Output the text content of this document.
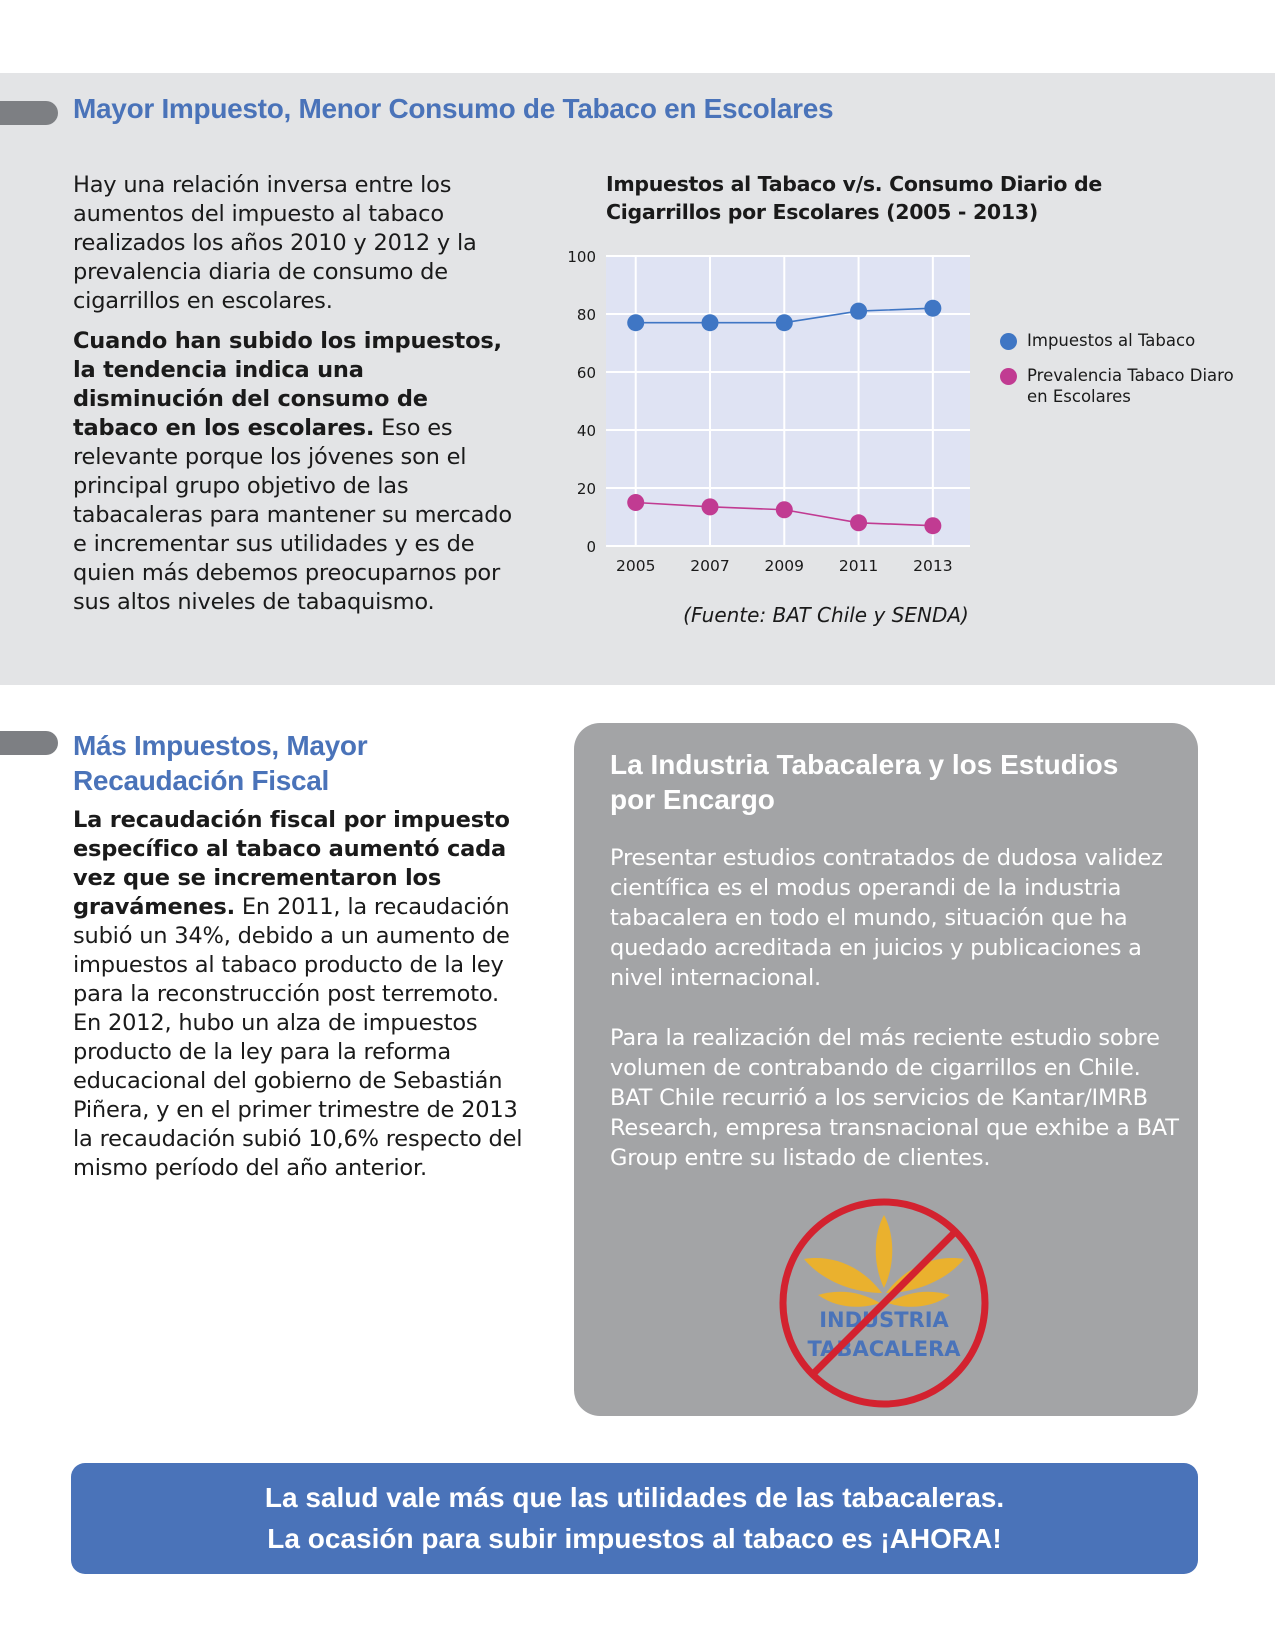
Mayor Impuesto, Menor Consumo de Tabaco en Escolares

Hay una relación inversa entre los aumentos del impuesto al tabaco realizados los años 2010 y 2012 y la prevalencia diaria de consumo de cigarrillos en escolares.

Cuando han subido los impuestos, la tendencia indica una disminución del consumo de tabaco en los escolares. Eso es relevante porque los jóvenes son el principal grupo objetivo de las tabacaleras para mantener su mercado e incrementar sus utilidades y es de quien más debemos preocuparnos por sus altos niveles de tabaquismo.

Impuestos al Tabaco v/s. Consumo Diario de Cigarrillos por Escolares (2005 - 2013)
0
20
40
60
80
100
2005 2007 2009 2011 2013
Impuestos al Tabaco
Prevalencia Tabaco Diaro en Escolares
(Fuente: BAT Chile y SENDA)
Más Impuestos, Mayor Recaudación Fiscal

La recaudación fiscal por impuesto específico al tabaco aumentó cada vez que se incrementaron los gravámenes. En 2011, la recaudación subió un 34%, debido a un aumento de impuestos al tabaco producto de la ley para la reconstrucción post terremoto. En 2012, hubo un alza de impuestos producto de la ley para la reforma educacional del gobierno de Sebastián Piñera, y en el primer trimestre de 2013 la recaudación subió 10,6% respecto del mismo período del año anterior.

La Industria Tabacalera y los Estudios por Encargo

Presentar estudios contratados de dudosa validez científica es el modus operandi de la industria tabacalera en todo el mundo, situación que ha quedado acreditada en juicios y publicaciones a nivel internacional.

Para la realización del más reciente estudio sobre volumen de contrabando de cigarrillos en Chile. BAT Chile recurrió a los servicios de Kantar/IMRB Research, empresa transnacional que exhibe a BAT Group entre su listado de clientes.

INDUSTRIA
TABACALERA
La salud vale más que las utilidades de las tabacaleras.
La ocasión para subir impuestos al tabaco es ¡AHORA!
